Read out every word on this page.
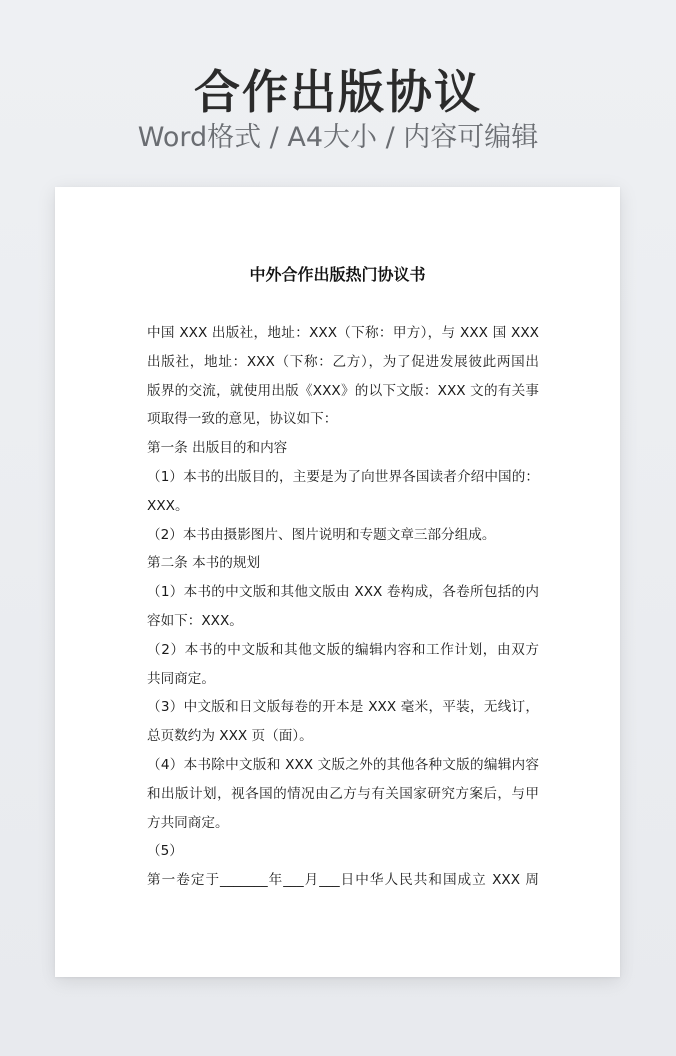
合作出版协议
Word格式 / A4大小 / 内容可编辑
中外合作出版热门协议书
中国 XXX 出版社，地址：XXX（下称：甲方），与 XXX 国 XXX
出版社，地址：XXX（下称：乙方），为了促进发展彼此两国出
版界的交流，就使用出版《XXX》的以下文版：XXX 文的有关事
项取得一致的意见，协议如下：
第一条 出版目的和内容
（1）本书的出版目的，主要是为了向世界各国读者介绍中国的：
XXX。
（2）本书由摄影图片、图片说明和专题文章三部分组成。
第二条 本书的规划
（1）本书的中文版和其他文版由 XXX 卷构成，各卷所包括的内
容如下：XXX。
（2）本书的中文版和其他文版的编辑内容和工作计划，由双方
共同商定。
（3）中文版和日文版每卷的开本是 XXX 毫米，平装，无线订，
总页数约为 XXX 页（面）。
（4）本书除中文版和 XXX 文版之外的其他各种文版的编辑内容
和出版计划，视各国的情况由乙方与有关国家研究方案后，与甲
方共同商定。
（5）
第一卷定于_______年___月___日中华人民共和国成立 XXX 周
